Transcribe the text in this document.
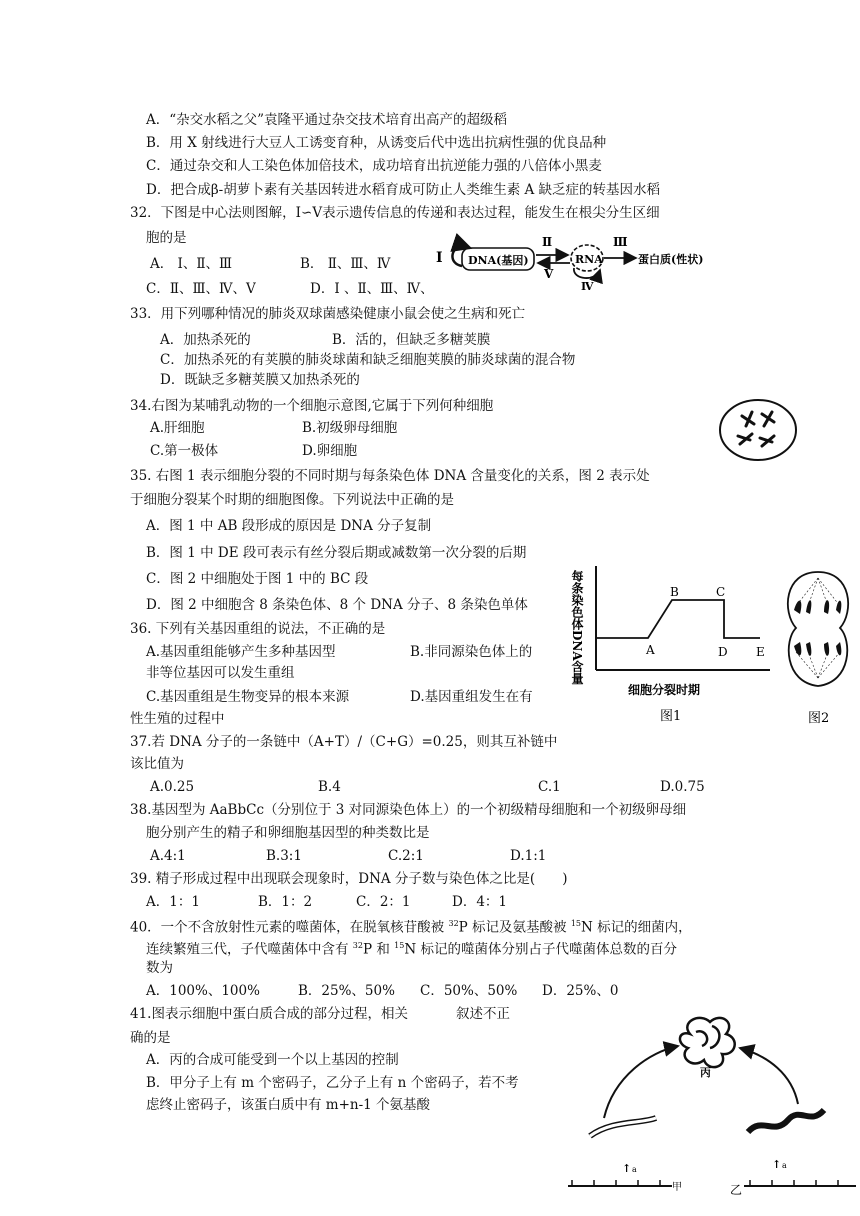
A．“杂交水稻之父”袁隆平通过杂交技术培育出高产的超级稻
B．用 X 射线进行大豆人工诱变育种，从诱变后代中选出抗病性强的优良品种
C．通过杂交和人工染色体加倍技术，成功培育出抗逆能力强的八倍体小黑麦
D．把合成β-胡萝卜素有关基因转进水稻育成可防止人类维生素 A 缺乏症的转基因水稻
32．下图是中心法则图解，Ⅰ∽Ⅴ表示遗传信息的传递和表达过程，能发生在根尖分生区细
胞的是
A． Ⅰ、Ⅱ、Ⅲ	B． Ⅱ、Ⅲ、Ⅳ
C．Ⅱ、Ⅲ、Ⅳ、Ⅴ	D．Ⅰ 、Ⅱ、Ⅲ、Ⅳ、
Ⅰ DNA(基因)
Ⅱ
Ⅴ
RNA
Ⅳ
Ⅲ
蛋白质(性状)
33．用下列哪种情况的肺炎双球菌感染健康小鼠会使之生病和死亡
A．加热杀死的	B．活的，但缺乏多糖荚膜
C．加热杀死的有荚膜的肺炎球菌和缺乏细胞荚膜的肺炎球菌的混合物
D．既缺乏多糖荚膜又加热杀死的
34.右图为某哺乳动物的一个细胞示意图,它属于下列何种细胞
A.肝细胞	B.初级卵母细胞
C.第一极体	D.卵细胞
35. 右图 1 表示细胞分裂的不同时期与每条染色体 DNA 含量变化的关系，图 2 表示处
于细胞分裂某个时期的细胞图像。下列说法中正确的是
A．图 1 中 AB 段形成的原因是 DNA 分子复制
B．图 1 中 DE 段可表示有丝分裂后期或减数第一次分裂的后期
C．图 2 中细胞处于图 1 中的 BC 段
D．图 2 中细胞含 8 条染色体、8 个 DNA 分子、8 条染色单体	每条染色体DNA含量	A
B	C
D E
细胞分裂时期
图1	图2
36. 下列有关基因重组的说法，不正确的是
A.基因重组能够产生多种基因型	B.非同源染色体上的
非等位基因可以发生重组
C.基因重组是生物变异的根本来源	D.基因重组发生在有
性生殖的过程中
37.若 DNA 分子的一条链中（A+T）/（C+G）=0.25，则其互补链中
该比值为
A.0.25	B.4	C.1	D.0.75
38.基因型为 AaBbCc（分别位于 3 对同源染色体上）的一个初级精母细胞和一个初级卵母细
胞分别产生的精子和卵细胞基因型的种类数比是
A.4:1	B.3:1	C.2:1	D.1:1
39. 精子形成过程中出现联会现象时，DNA 分子数与染色体之比是(　　)
A．1：1	B．1：2	C．2：1	D．4：1
40．一个不含放射性元素的噬菌体，在脱氧核苷酸被 $^{32}$P 标记及氨基酸被 $^{15}$N 标记的细菌内，
连续繁殖三代，子代噬菌体中含有 $^{32}$P 和 $^{15}$N 标记的噬菌体分别占子代噬菌体总数的百分
数为
A．100%、100%	B．25%、50% C．50%、50% D．25%、0
41.图表示细胞中蛋白质合成的部分过程，相关	叙述不正
确的是
A．丙的合成可能受到一个以上基因的控制
B．甲分子上有 m 个密码子，乙分子上有 n 个密码子，若不考
虑终止密码子，该蛋白质中有 m+n-1 个氨基酸
丙
↑ a	↑ a
甲	乙
